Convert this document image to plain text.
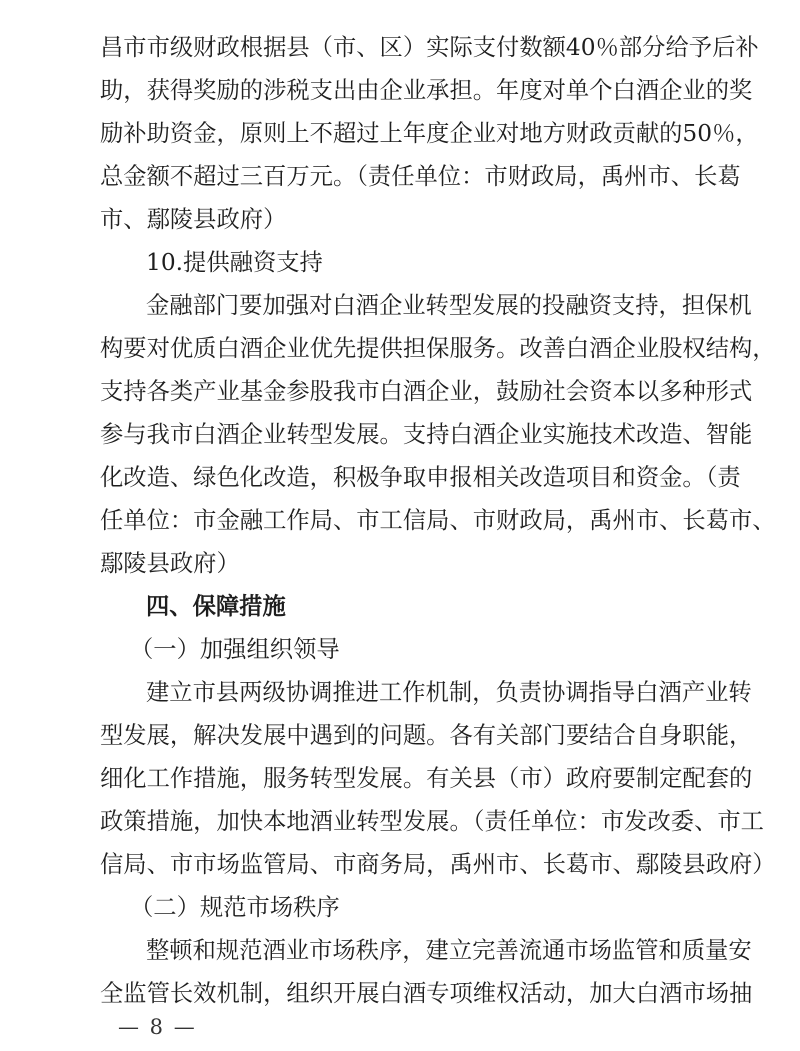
昌市市级财政根据县（市、区）实际支付数额40％部分给予后补
助，获得奖励的涉税支出由企业承担。年度对单个白酒企业的奖
励补助资金，原则上不超过上年度企业对地方财政贡献的50％，
总金额不超过三百万元。（责任单位：市财政局，禹州市、长葛
市、鄢陵县政府）
10.提供融资支持
金融部门要加强对白酒企业转型发展的投融资支持，担保机
构要对优质白酒企业优先提供担保服务。改善白酒企业股权结构，
支持各类产业基金参股我市白酒企业，鼓励社会资本以多种形式
参与我市白酒企业转型发展。支持白酒企业实施技术改造、智能
化改造、绿色化改造，积极争取申报相关改造项目和资金。（责
任单位：市金融工作局、市工信局、市财政局，禹州市、长葛市、
鄢陵县政府）
四、保障措施
（一）加强组织领导
建立市县两级协调推进工作机制，负责协调指导白酒产业转
型发展，解决发展中遇到的问题。各有关部门要结合自身职能，
细化工作措施，服务转型发展。有关县（市）政府要制定配套的
政策措施，加快本地酒业转型发展。（责任单位：市发改委、市工
信局、市市场监管局、市商务局，禹州市、长葛市、鄢陵县政府）
（二）规范市场秩序
整顿和规范酒业市场秩序，建立完善流通市场监管和质量安
全监管长效机制，组织开展白酒专项维权活动，加大白酒市场抽
— 8 —
